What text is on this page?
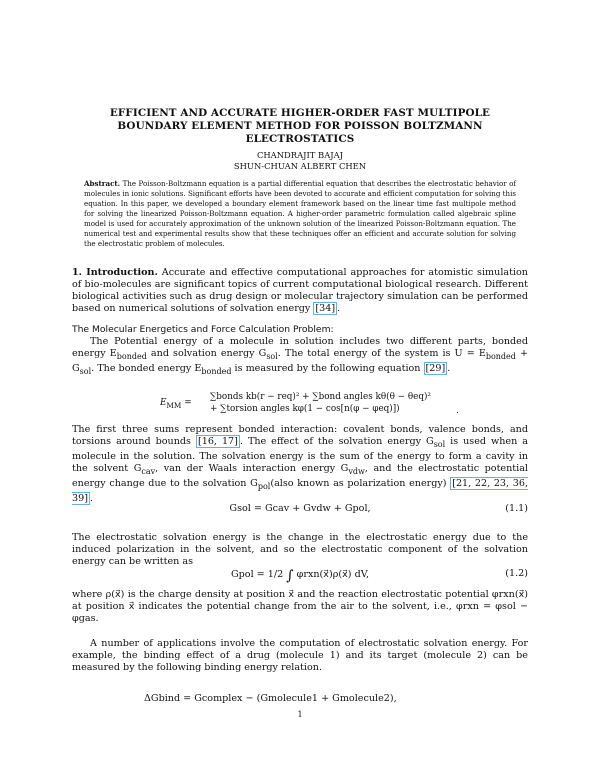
EFFICIENT AND ACCURATE HIGHER-ORDER FAST MULTIPOLE
BOUNDARY ELEMENT METHOD FOR POISSON BOLTZMANN
ELECTROSTATICS
CHANDRAJIT BAJAJ
SHUN-CHUAN ALBERT CHEN
Abstract. The Poisson-Boltzmann equation is a partial differential equation that describes the electrostatic behavior of molecules in ionic solutions. Significant efforts have been devoted to accurate and efficient computation for solving this equation. In this paper, we developed a boundary element framework based on the linear time fast multipole method for solving the linearized Poisson-Boltzmann equation. A higher-order parametric formulation called algebraic spline model is used for accurately approximation of the unknown solution of the linearized Poisson-Boltzmann equation. The numerical test and experimental results show that these techniques offer an efficient and accurate solution for solving the electrostatic problem of molecules.
1. Introduction. Accurate and effective computational approaches for atomistic simulation of bio-molecules are significant topics of current computational biological research. Different biological activities such as drug design or molecular trajectory simulation can be performed based on numerical solutions of solvation energy [34] .
The Molecular Energetics and Force Calculation Problem:
The Potential energy of a molecule in solution includes two different parts, bonded energy $E_{bonded}$ and solvation energy $G_{sol}$. The total energy of the system is $U = E_{bonded} + G_{sol}$. The bonded energy $E_{bonded}$ is measured by the following equation [29] .
$E_{MM}$ =
∑bonds kb(r − req)² + ∑bond angles kθ(θ − θeq)²
+ ∑torsion angles kφ(1 − cos[n(φ − φeq)])	.
The first three sums represent bonded interaction: covalent bonds, valence bonds, and torsions around bounds [16, 17] . The effect of the solvation energy $G_{sol}$ is used when a molecule in the solution. The solvation energy is the sum of the energy to form a cavity in the solvent $G_{cav}$, van der Waals interaction energy $G_{vdw}$, and the electrostatic potential energy change due to the solvation $G_{pol}(also$ known as polarization energy) [21, 22, 23, 36, 39] .
Gsol = Gcav + Gvdw + Gpol,	(1.1)
The electrostatic solvation energy is the change in the electrostatic energy due to the induced polarization in the solvent, and so the electrostatic component of the solvation energy can be written as
Gpol = 1/2 ∫ φrxn(x⃗)ρ(x⃗) dV,	(1.2)
where ρ(x⃗) is the charge density at position x⃗ and the reaction electrostatic potential φrxn(x⃗) at position x⃗ indicates the potential change from the air to the solvent, i.e., φrxn = φsol − φgas.
A number of applications involve the computation of electrostatic solvation energy. For example, the binding effect of a drug (molecule 1) and its target (molecule 2) can be measured by the following binding energy relation.
ΔGbind = Gcomplex − (Gmolecule1 + Gmolecule2),
1
